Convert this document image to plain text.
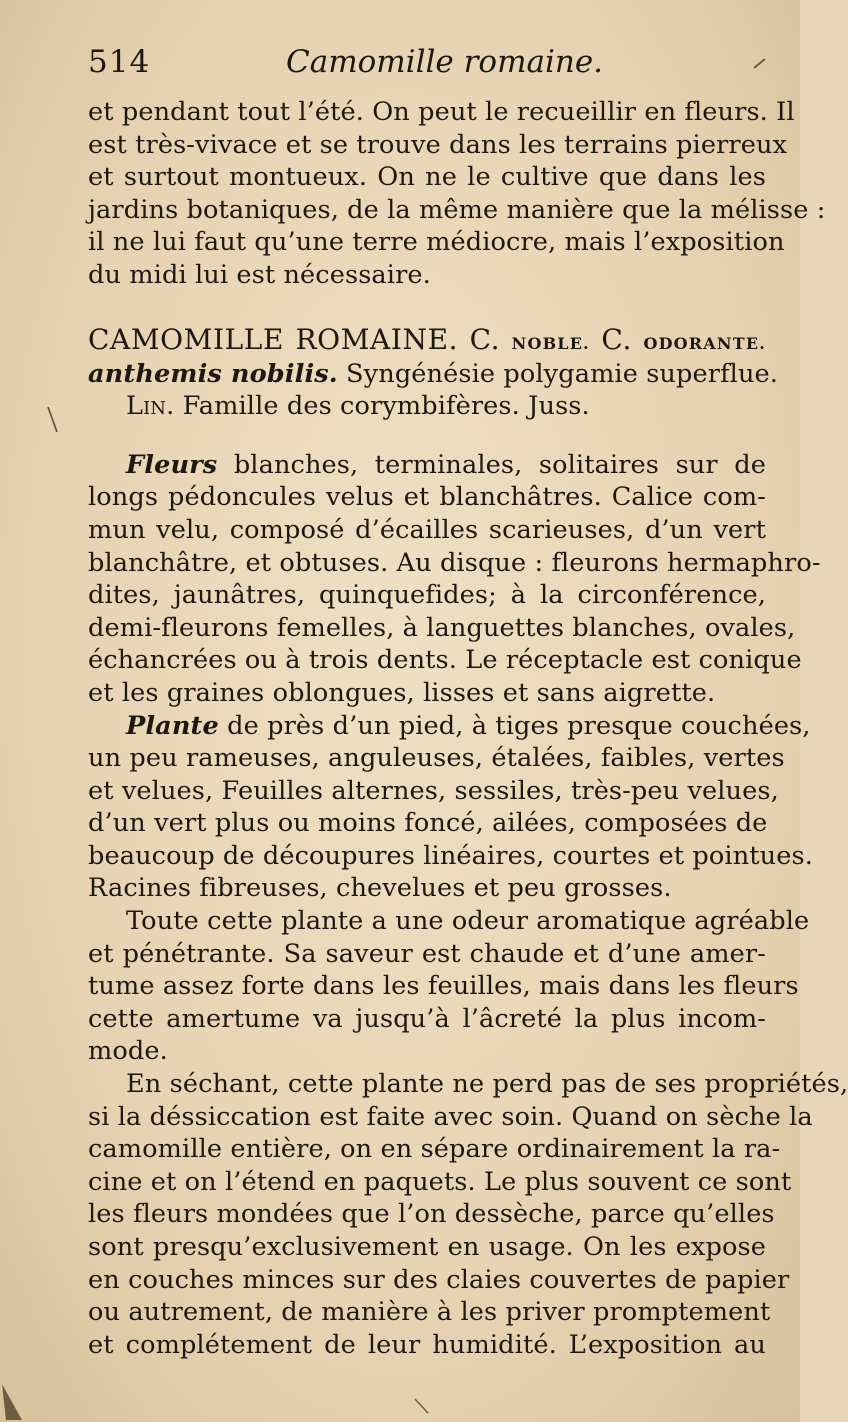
514	Camomille romaine.
et pendant tout l’été. On peut le recueillir en fleurs. Il
est très-vivace et se trouve dans les terrains pierreux
et surtout montueux. On ne le cultive que dans les
jardins botaniques, de la même manière que la mélisse :
il ne lui faut qu’une terre médiocre, mais l’exposition
du midi lui est nécessaire.
CAMOMILLE ROMAINE. C. NOBLE. C. ODORANTE.
anthemis nobilis. Syngénésie polygamie superflue.
Lin. Famille des corymbifères. Juss.
Fleurs blanches, terminales, solitaires sur de
longs pédoncules velus et blanchâtres. Calice com-
mun velu, composé d’écailles scarieuses, d’un vert
blanchâtre, et obtuses. Au disque : fleurons hermaphro-
dites, jaunâtres, quinquefides; à la circonférence,
demi-fleurons femelles, à languettes blanches, ovales,
échancrées ou à trois dents. Le réceptacle est conique
et les graines oblongues, lisses et sans aigrette.
Plante de près d’un pied, à tiges presque couchées,
un peu rameuses, anguleuses, étalées, faibles, vertes
et velues, Feuilles alternes, sessiles, très-peu velues,
d’un vert plus ou moins foncé, ailées, composées de
beaucoup de découpures linéaires, courtes et pointues.
Racines fibreuses, chevelues et peu grosses.
Toute cette plante a une odeur aromatique agréable
et pénétrante. Sa saveur est chaude et d’une amer-
tume assez forte dans les feuilles, mais dans les fleurs
cette amertume va jusqu’à l’âcreté la plus incom-
mode.
En séchant, cette plante ne perd pas de ses propriétés,
si la déssiccation est faite avec soin. Quand on sèche la
camomille entière, on en sépare ordinairement la ra-
cine et on l’étend en paquets. Le plus souvent ce sont
les fleurs mondées que l’on dessèche, parce qu’elles
sont presqu’exclusivement en usage. On les expose
en couches minces sur des claies couvertes de papier
ou autrement, de manière à les priver promptement
et complétement de leur humidité. L’exposition au
